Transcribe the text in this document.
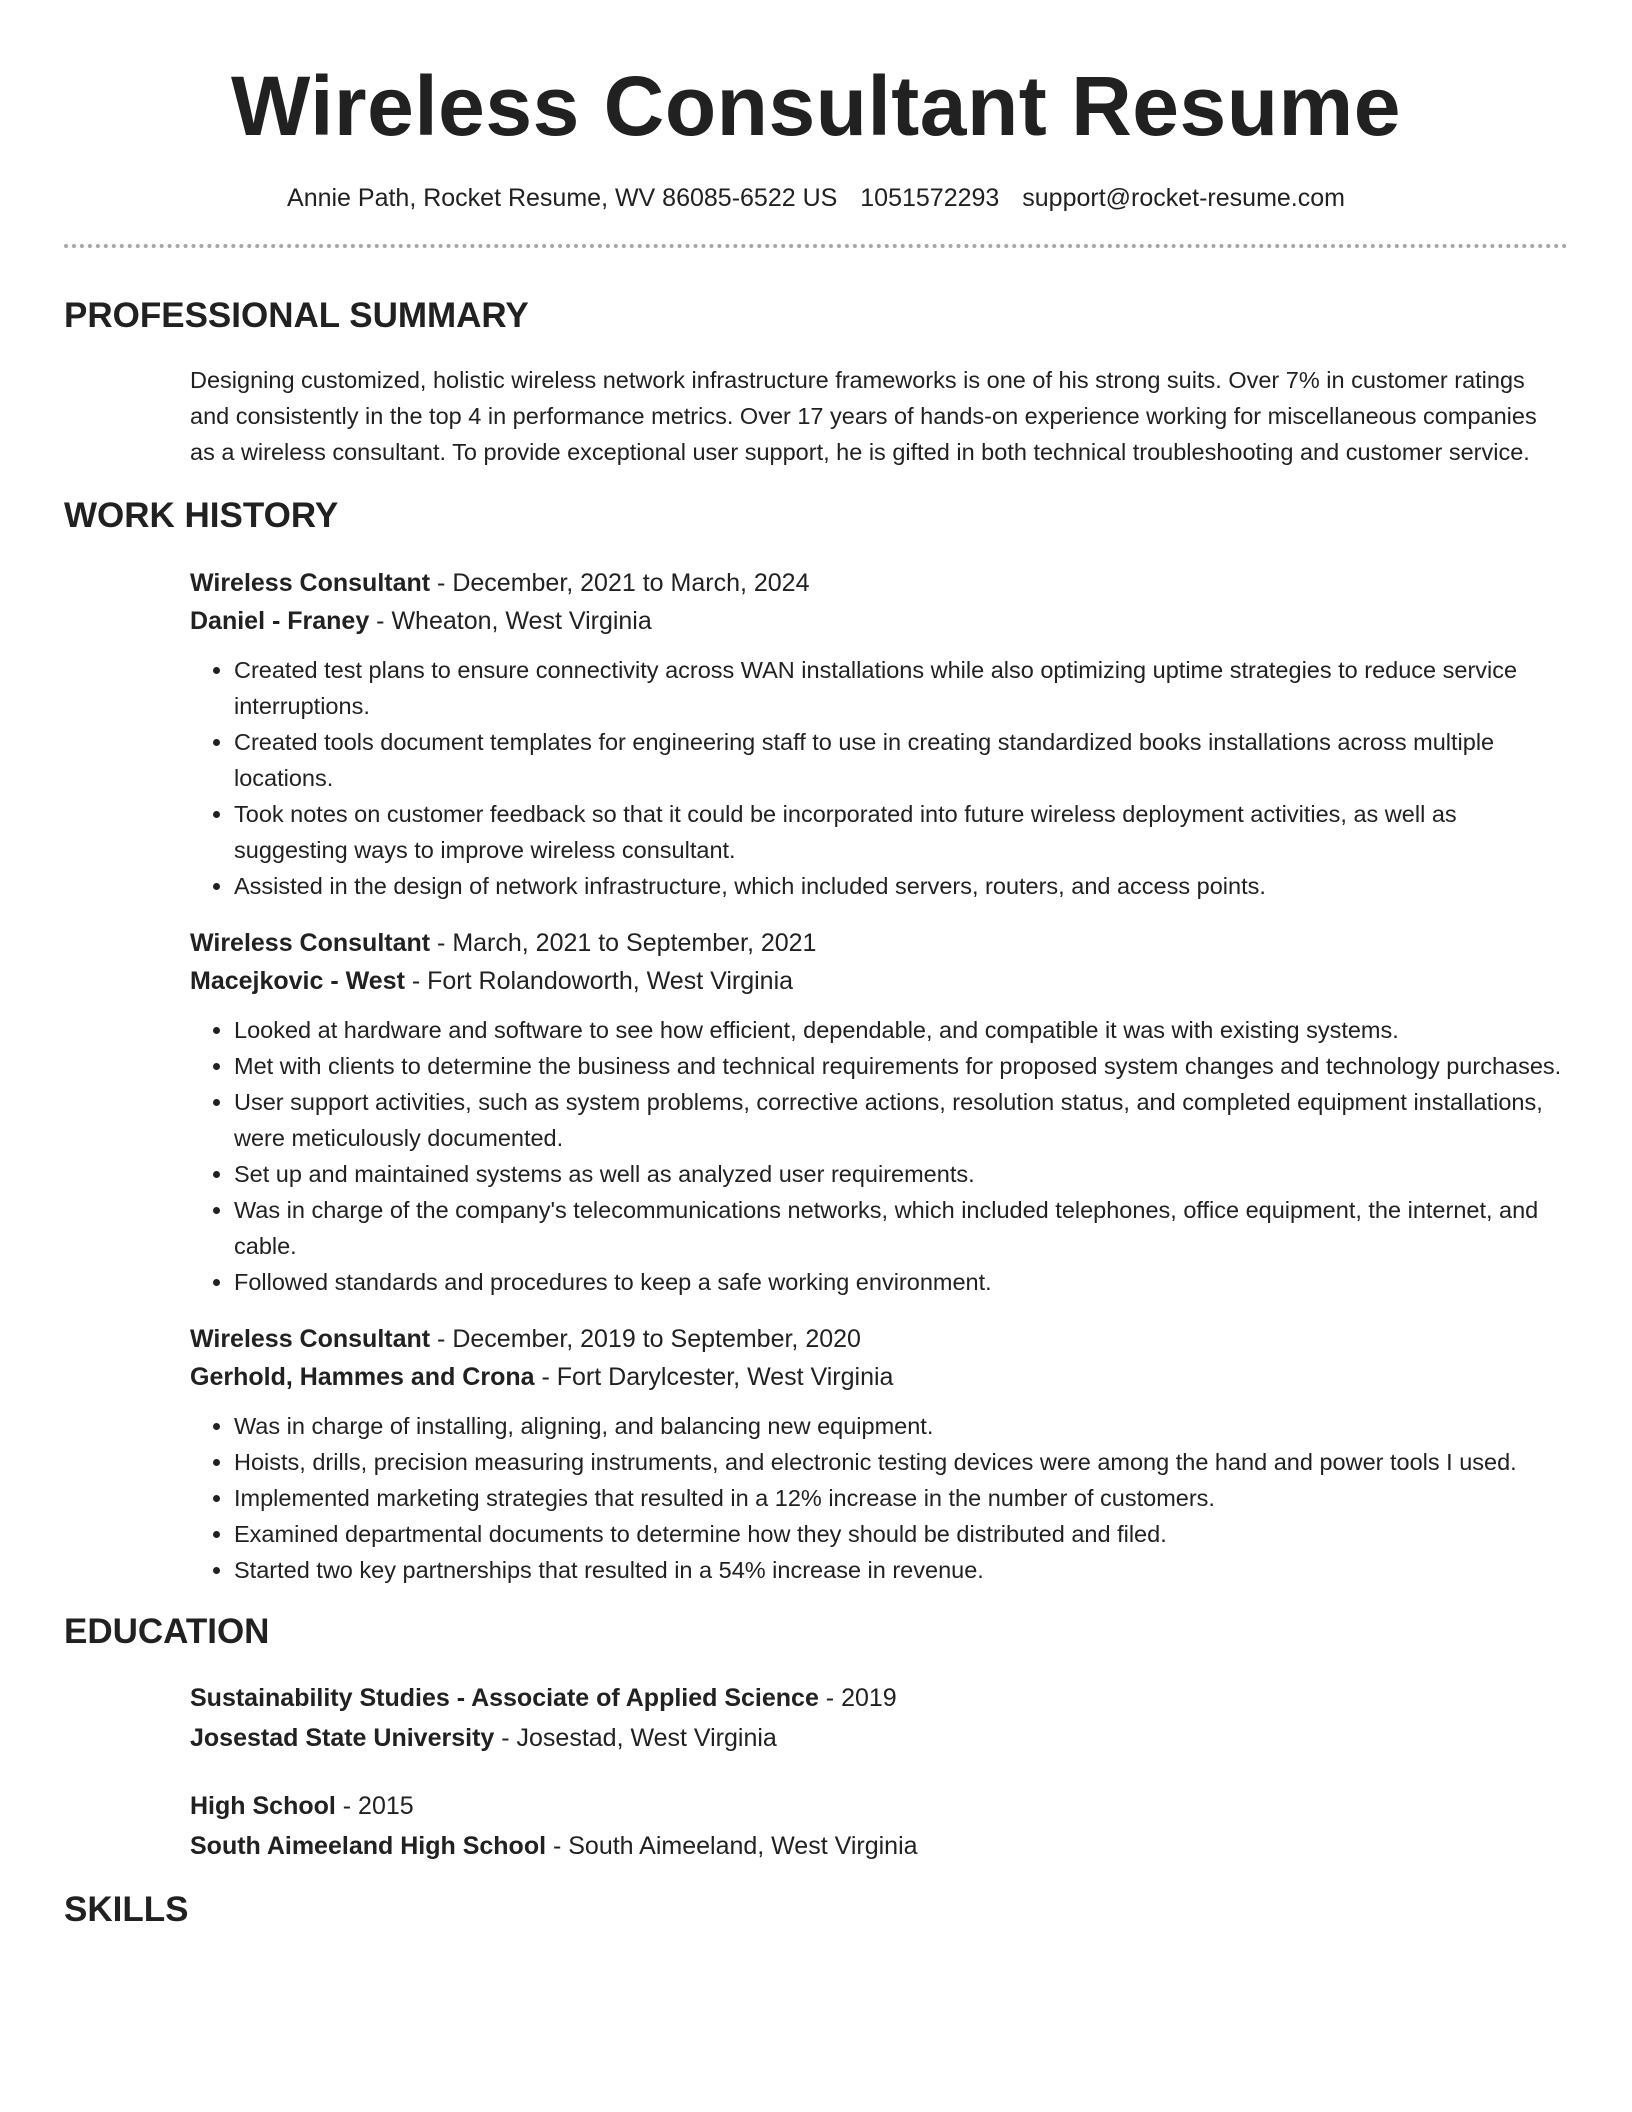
Wireless Consultant Resume
Annie Path, Rocket Resume, WV 86085-6522 US 1051572293 support@rocket-resume.com
PROFESSIONAL SUMMARY
Designing customized, holistic wireless network infrastructure frameworks is one of his strong suits. Over 7% in customer ratings and consistently in the top 4 in performance metrics. Over 17 years of hands-on experience working for miscellaneous companies as a wireless consultant. To provide exceptional user support, he is gifted in both technical troubleshooting and customer service.
WORK HISTORY
Wireless Consultant - December, 2021 to March, 2024
Daniel - Franey - Wheaton, West Virginia
• Created test plans to ensure connectivity across WAN installations while also optimizing uptime strategies to reduce service interruptions.
• Created tools document templates for engineering staff to use in creating standardized books installations across multiple locations.
• Took notes on customer feedback so that it could be incorporated into future wireless deployment activities, as well as suggesting ways to improve wireless consultant.
• Assisted in the design of network infrastructure, which included servers, routers, and access points.
Wireless Consultant - March, 2021 to September, 2021
Macejkovic - West - Fort Rolandoworth, West Virginia
• Looked at hardware and software to see how efficient, dependable, and compatible it was with existing systems.
• Met with clients to determine the business and technical requirements for proposed system changes and technology purchases.
• User support activities, such as system problems, corrective actions, resolution status, and completed equipment installations, were meticulously documented.
• Set up and maintained systems as well as analyzed user requirements.
• Was in charge of the company's telecommunications networks, which included telephones, office equipment, the internet, and cable.
• Followed standards and procedures to keep a safe working environment.
Wireless Consultant - December, 2019 to September, 2020
Gerhold, Hammes and Crona - Fort Darylcester, West Virginia
• Was in charge of installing, aligning, and balancing new equipment.
• Hoists, drills, precision measuring instruments, and electronic testing devices were among the hand and power tools I used.
• Implemented marketing strategies that resulted in a 12% increase in the number of customers.
• Examined departmental documents to determine how they should be distributed and filed.
• Started two key partnerships that resulted in a 54% increase in revenue.
EDUCATION
Sustainability Studies - Associate of Applied Science - 2019
Josestad State University - Josestad, West Virginia
High School - 2015
South Aimeeland High School - South Aimeeland, West Virginia
SKILLS
